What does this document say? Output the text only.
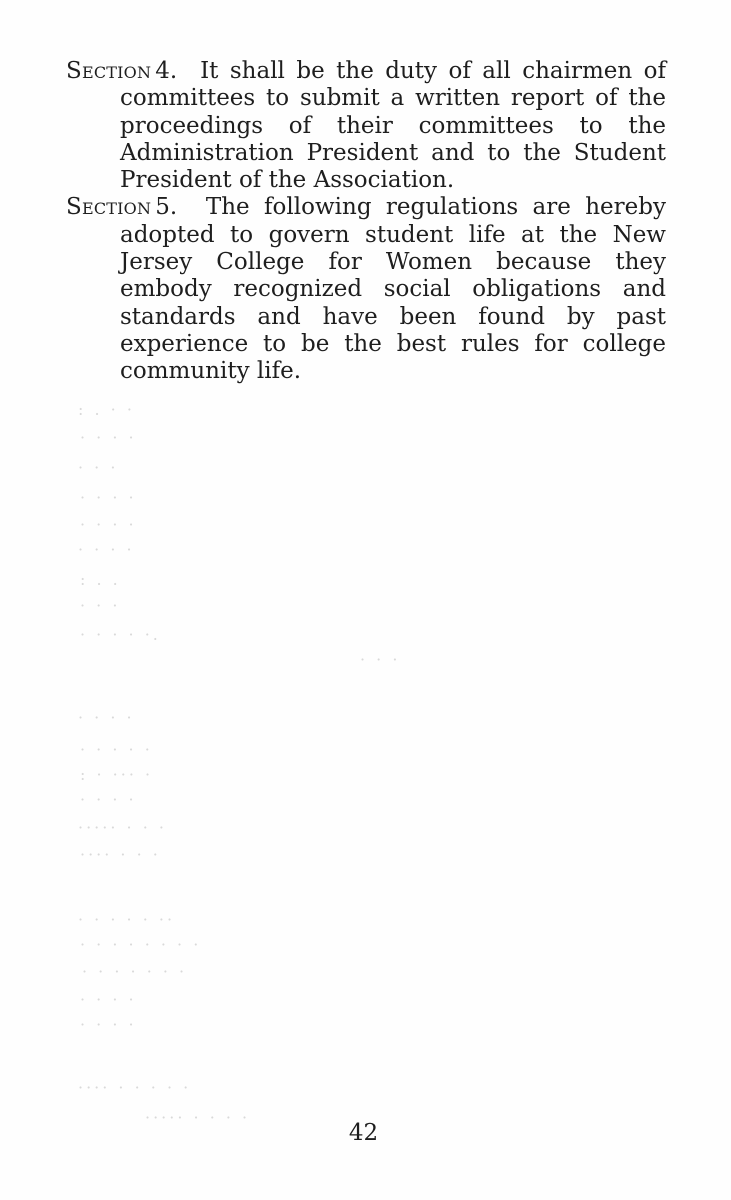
: . · ·
· · · ·
· · ·
· · · ·
· · · ·
· · · ·
: . .
· · ·
· · · · ·.
· · ·
· · · ·
· · · · ·
: · ··· ·
· · · ·
····· · · ·
···· · · ·
· · · · · ··
· · · · · · · ·
· · · · · · ·
· · · ·
· · · ·
···· · · · · ·
····· · · · ·

Section 4. It shall be the duty of all chairmen of committees to submit a written report of the proceedings of their committees to the Administration President and to the Student President of the Association.

Section 5. The following regulations are hereby adopted to govern student life at the New Jersey College for Women because they embody recognized social obligations and standards and have been found by past experience to be the best rules for college community life.

42
